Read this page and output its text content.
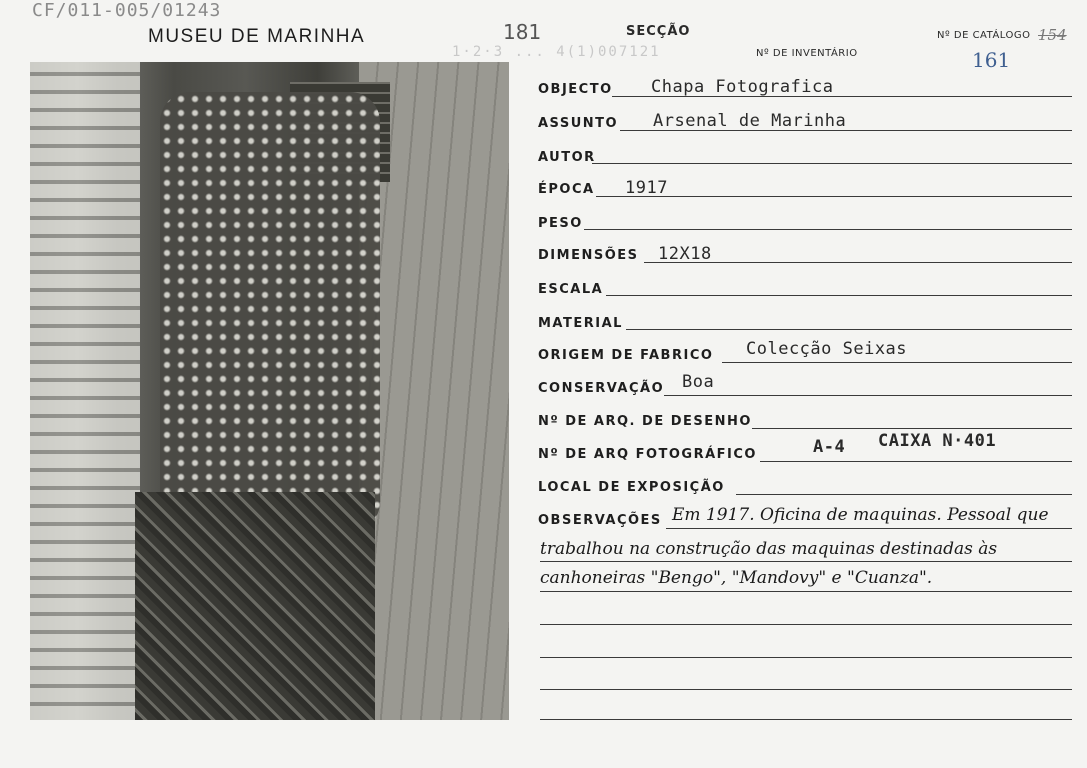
CF/011-005/01243
MUSEU DE MARINHA	181
1·2·3 ... 4(1)007121
SECÇÃO
Nº DE INVENTÁRIO
Nº DE CATÁLOGO 154
161
OBJECTO Chapa Fotografica
ASSUNTO Arsenal de Marinha
AUTOR
ÉPOCA 1917
PESO
DIMENSÕES 12X18
ESCALA
MATERIAL
ORIGEM DE FABRICO Colecção Seixas
CONSERVAÇÃO Boa
Nº DE ARQ. DE DESENHO
Nº DE ARQ FOTOGRÁFICO	A-4 CAIXA N·401
LOCAL DE EXPOSIÇÃO
OBSERVAÇÕES Em 1917. Oficina de maquinas. Pessoal que
trabalhou na construção das maquinas destinadas às
canhoneiras "Bengo", "Mandovy" e "Cuanza".
